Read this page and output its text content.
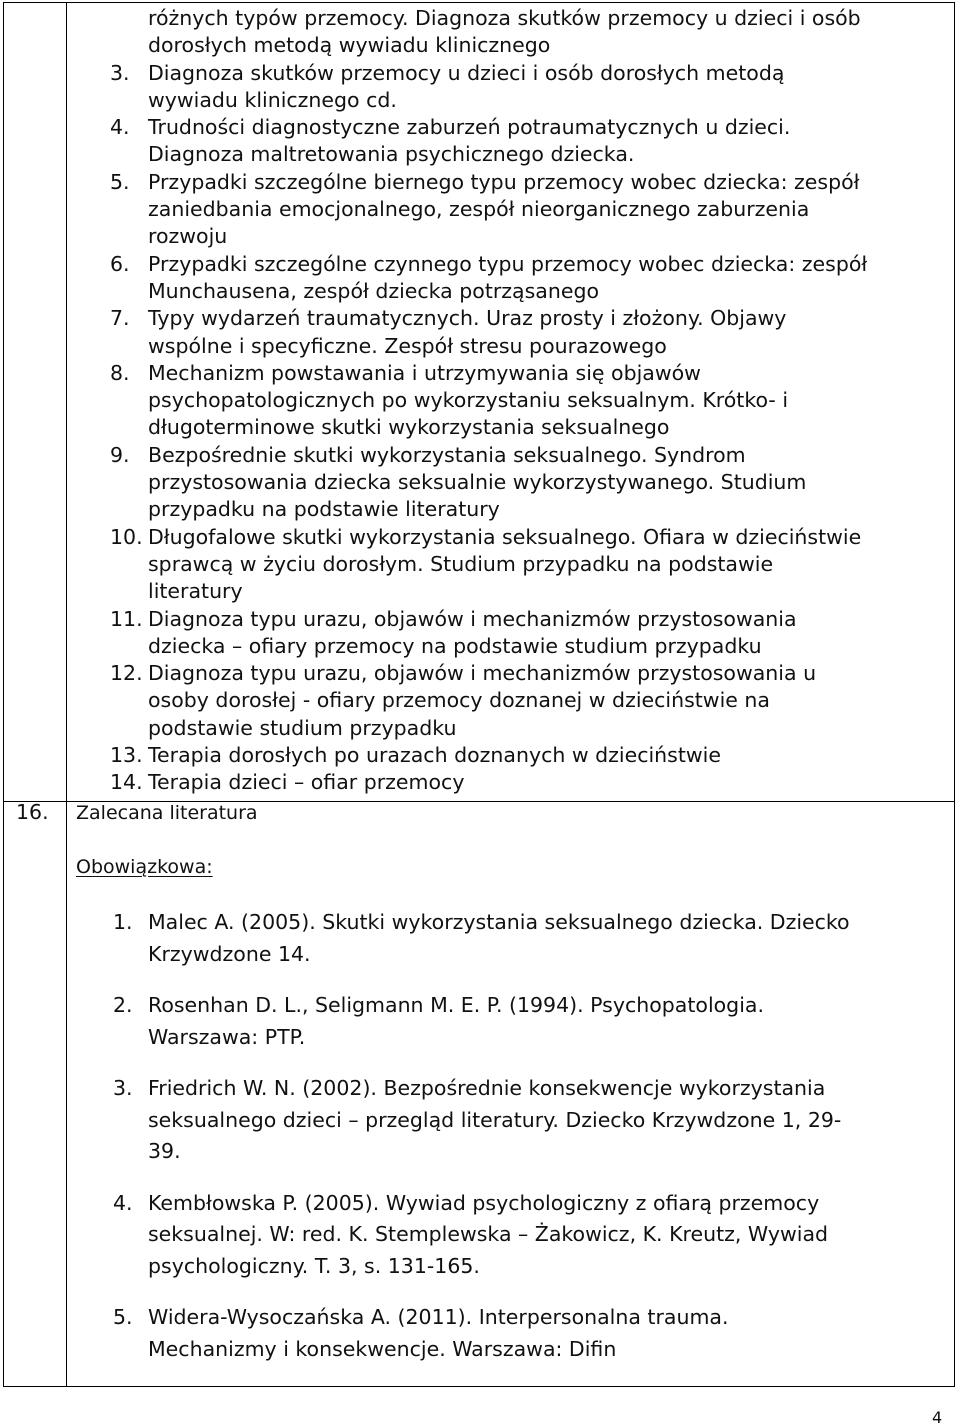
różnych typów przemocy. Diagnoza skutków przemocy u dzieci i osób
dorosłych metodą wywiadu klinicznego
3. Diagnoza skutków przemocy u dzieci i osób dorosłych metodą
wywiadu klinicznego cd.
4. Trudności diagnostyczne zaburzeń potraumatycznych u dzieci.
Diagnoza maltretowania psychicznego dziecka.
5. Przypadki szczególne biernego typu przemocy wobec dziecka: zespół
zaniedbania emocjonalnego, zespół nieorganicznego zaburzenia
rozwoju
6. Przypadki szczególne czynnego typu przemocy wobec dziecka: zespół
Munchausena, zespół dziecka potrząsanego
7. Typy wydarzeń traumatycznych. Uraz prosty i złożony. Objawy
wspólne i specyficzne. Zespół stresu pourazowego
8. Mechanizm powstawania i utrzymywania się objawów
psychopatologicznych po wykorzystaniu seksualnym. Krótko- i
długoterminowe skutki wykorzystania seksualnego
9. Bezpośrednie skutki wykorzystania seksualnego. Syndrom
przystosowania dziecka seksualnie wykorzystywanego. Studium
przypadku na podstawie literatury
10. Długofalowe skutki wykorzystania seksualnego. Ofiara w dzieciństwie
sprawcą w życiu dorosłym. Studium przypadku na podstawie
literatury
11. Diagnoza typu urazu, objawów i mechanizmów przystosowania
dziecka – ofiary przemocy na podstawie studium przypadku
12. Diagnoza typu urazu, objawów i mechanizmów przystosowania u
osoby dorosłej - ofiary przemocy doznanej w dzieciństwie na
podstawie studium przypadku
13. Terapia dorosłych po urazach doznanych w dzieciństwie
14. Terapia dzieci – ofiar przemocy
16. Zalecana literatura
Obowiązkowa:
1. Malec A. (2005). Skutki wykorzystania seksualnego dziecka. Dziecko
Krzywdzone 14.
2. Rosenhan D. L., Seligmann M. E. P. (1994). Psychopatologia.
Warszawa: PTP.
3. Friedrich W. N. (2002). Bezpośrednie konsekwencje wykorzystania
seksualnego dzieci – przegląd literatury. Dziecko Krzywdzone 1, 29-
39.
4. Kembłowska P. (2005). Wywiad psychologiczny z ofiarą przemocy
seksualnej. W: red. K. Stemplewska – Żakowicz, K. Kreutz, Wywiad
psychologiczny. T. 3, s. 131-165.
5. Widera-Wysoczańska A. (2011). Interpersonalna trauma.
Mechanizmy i konsekwencje. Warszawa: Difin
4
